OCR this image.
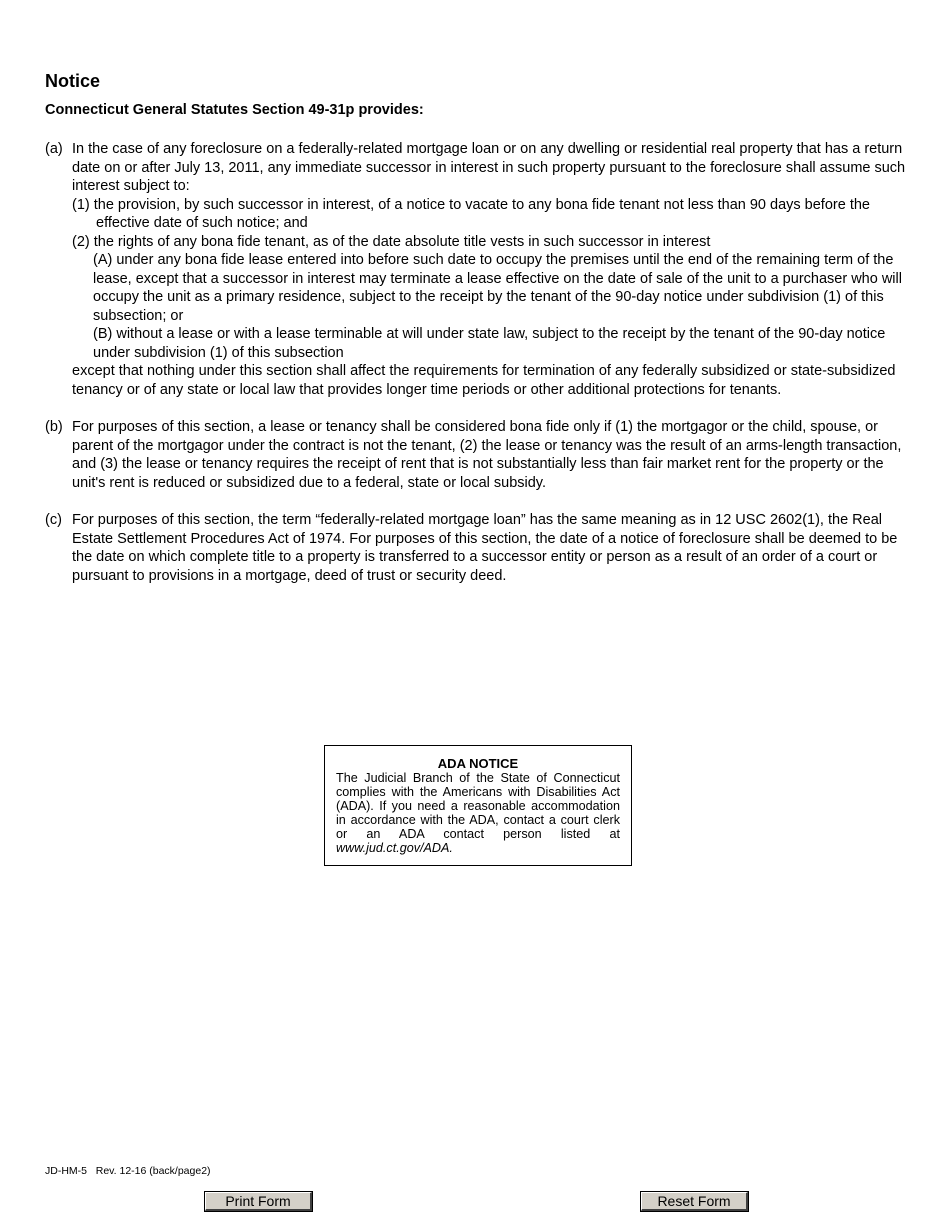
Notice
Connecticut General Statutes Section 49-31p provides:
(a) In the case of any foreclosure on a federally-related mortgage loan or on any dwelling or residential real property that has a return date on or after July 13, 2011, any immediate successor in interest in such property pursuant to the foreclosure shall assume such interest subject to:
(1) the provision, by such successor in interest, of a notice to vacate to any bona fide tenant not less than 90 days before the effective date of such notice; and
(2) the rights of any bona fide tenant, as of the date absolute title vests in such successor in interest
(A) under any bona fide lease entered into before such date to occupy the premises until the end of the remaining term of the lease, except that a successor in interest may terminate a lease effective on the date of sale of the unit to a purchaser who will occupy the unit as a primary residence, subject to the receipt by the tenant of the 90-day notice under subdivision (1) of this subsection; or
(B) without a lease or with a lease terminable at will under state law, subject to the receipt by the tenant of the 90-day notice under subdivision (1) of this subsection
except that nothing under this section shall affect the requirements for termination of any federally subsidized or state-subsidized tenancy or of any state or local law that provides longer time periods or other additional protections for tenants.
(b) For purposes of this section, a lease or tenancy shall be considered bona fide only if (1) the mortgagor or the child, spouse, or parent of the mortgagor under the contract is not the tenant, (2) the lease or tenancy was the result of an arms-length transaction, and (3) the lease or tenancy requires the receipt of rent that is not substantially less than fair market rent for the property or the unit's rent is reduced or subsidized due to a federal, state or local subsidy.
(c) For purposes of this section, the term “federally-related mortgage loan” has the same meaning as in 12 USC 2602(1), the Real Estate Settlement Procedures Act of 1974. For purposes of this section, the date of a notice of foreclosure shall be deemed to be the date on which complete title to a property is transferred to a successor entity or person as a result of an order of a court or pursuant to provisions in a mortgage, deed of trust or security deed.
ADA NOTICE
The Judicial Branch of the State of Connecticut complies with the Americans with Disabilities Act (ADA). If you need a reasonable accommodation in accordance with the ADA, contact a court clerk or an ADA contact person listed at www.jud.ct.gov/ADA.
JD-HM-5   Rev. 12-16 (back/page2)
Print Form	Reset Form
